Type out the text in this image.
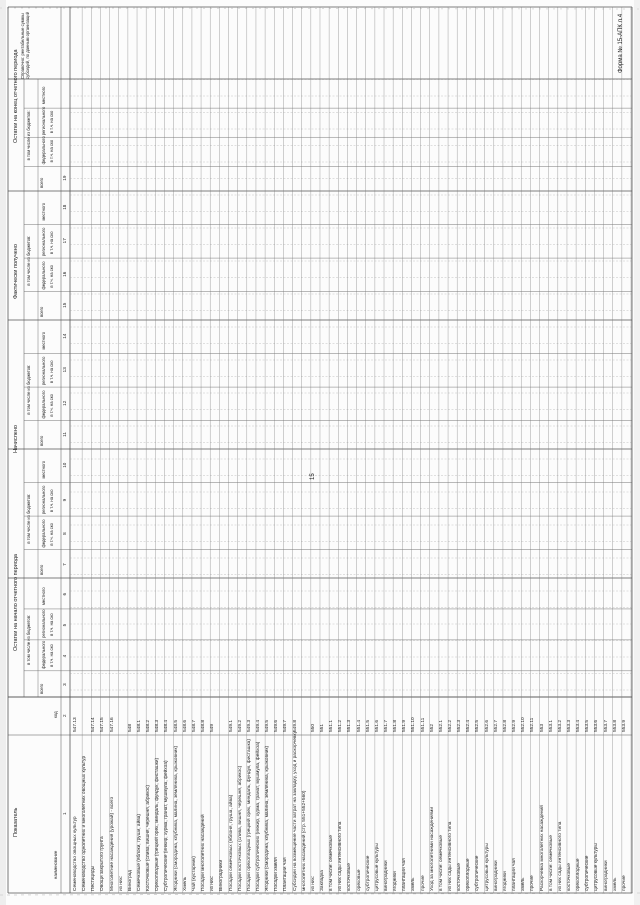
Форма № 15-АПК л.4
15
Показатель
наименование
код
Остатки на начало отчетного периода
Начислено
Фактически получено
Остатки на конец отчетного периода
Справочно: рентабельные суммы субсидий, по данным организаций
всего
в том числе из бюджетов: федерального
регионального
местного
в т.ч. на ско
в т.ч. на ско
всего
в том числе из бюджетов: федерального
регионального
местного
в т.ч. на ско
в т.ч. на ско
всего
в том числе из бюджетов: федерального
регионального
местного
в т.ч. на ско
в т.ч. на ско
всего
в том числе из бюджетов: федерального
регионального
местного
в т.ч. на ско
в т.ч. на ско
всего
в том числе из бюджетов: федерального
регионального
местного
в т.ч. на ско
в т.ч. на ско
1
2
3
4
5
6
7
8
9
10
11
12
13
14
15
16
17
18
19
Семеноводство овощных культур
547.13
Семеноводство однолетних и многолетних овощных культур Пестициды
547.14
Овощи закрытого грунта
547.15
Многолетние насаждения (урожай) - всего
547.16
из них: Виноград
548
Семечковые (яблоки, груши, айва)
548.1
Косточковые (слива, вишня, черешня, абрикос)
548.2
Орехоплодные (грецкий орех, миндаль, фундук, фисташки)
548.3
Субтропические (инжир, хурма, гранат, мушмула, фейхоа)
548.4
Ягодники (смородина, клубника, малина, земляника, крыжовник)
548.5
Хмель
548.6
Чай (кустарник)
548.7
Посадки многолетних насаждений
548.8
из них:
549
Виноградники Посадки семечковых (яблоня, груша, айва)
549.1
Посадки косточковых (слива, вишня, черешня, абрикос)
549.2
Посадки орехоплодных (грецкий орех, миндаль, фундук, фисташка)
549.3
Посадки субтропических (инжир, хурма, гранат, мушмула, фейхоа)
549.4
Ягодники (смородина, клубника, малина, земляника, крыжовник)
549.5
Посадки хмеля
549.6
Плантации чая
549.7
Субсидии на возмещение части затрат на закладку, уход и раскорчевку
549.8
многолетних насаждений (стр. 551+552+560) из них:
550
Закладка
551
в том числе: семечковые
551.1
из них сады интенсивного типа
551.2
косточковые
551.3
ореховые
551.4
субтропические
551.5
цитрусовые культуры
551.6
виноградники
551.7
ягодники
551.8
плантации чая
551.9
хмель
551.10
прочие
551.11
Уход за многолетними насаждениями
552
в том числе: семечковые
552.1
из них сады интенсивного типа
552.2
косточковые
552.3
орехоплодные
552.4
субтропические
552.5
цитрусовые культуры
552.6
виноградники
552.7
ягодники
552.8
плантации чая
552.9
хмель
552.10
прочие
552.11
Раскорчевка многолетних насаждений
553
в том числе: семечковые
553.1
из них сады интенсивного типа
553.2
косточковые
553.3
орехоплодные
553.4
субтропические
553.5
цитрусовые культуры
553.6
виноградники
553.7
хмель
553.8
прочие
553.9
